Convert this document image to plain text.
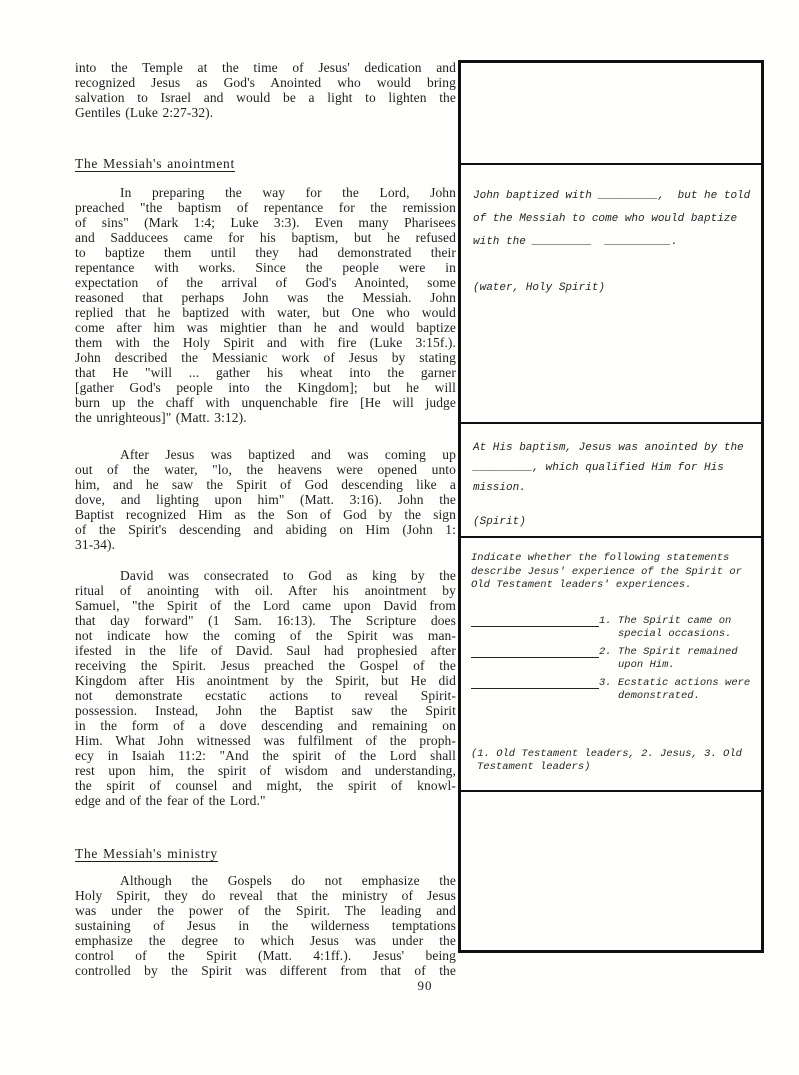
into the Temple at the time of Jesus' dedication and
recognized Jesus as God's Anointed who would bring
salvation to Israel and would be a light to lighten the
Gentiles (Luke 2:27-32).
The Messiah's anointment
In preparing the way for the Lord, John
preached "the baptism of repentance for the remission
of sins" (Mark 1:4; Luke 3:3). Even many Pharisees
and Sadducees came for his baptism, but he refused
to baptize them until they had demonstrated their
repentance with works. Since the people were in
expectation of the arrival of God's Anointed, some
reasoned that perhaps John was the Messiah. John
replied that he baptized with water, but One who would
come after him was mightier than he and would baptize
them with the Holy Spirit and with fire (Luke 3:15f.).
John described the Messianic work of Jesus by stating
that He "will ... gather his wheat into the garner
[gather God's people into the Kingdom]; but he will
burn up the chaff with unquenchable fire [He will judge
the unrighteous]" (Matt. 3:12).
After Jesus was baptized and was coming up
out of the water, "lo, the heavens were opened unto
him, and he saw the Spirit of God descending like a
dove, and lighting upon him" (Matt. 3:16). John the
Baptist recognized Him as the Son of God by the sign
of the Spirit's descending and abiding on Him (John 1:
31-34).
David was consecrated to God as king by the
ritual of anointing with oil. After his anointment by
Samuel, "the Spirit of the Lord came upon David from
that day forward" (1 Sam. 16:13). The Scripture does
not indicate how the coming of the Spirit was man-
ifested in the life of David. Saul had prophesied after
receiving the Spirit. Jesus preached the Gospel of the
Kingdom after His anointment by the Spirit, but He did
not demonstrate ecstatic actions to reveal Spirit-
possession. Instead, John the Baptist saw the Spirit
in the form of a dove descending and remaining on
Him. What John witnessed was fulfilment of the proph-
ecy in Isaiah 11:2: "And the spirit of the Lord shall
rest upon him, the spirit of wisdom and understanding,
the spirit of counsel and might, the spirit of knowl-
edge and of the fear of the Lord."
The Messiah's ministry
Although the Gospels do not emphasize the
Holy Spirit, they do reveal that the ministry of Jesus
was under the power of the Spirit. The leading and
sustaining of Jesus in the wilderness temptations
emphasize the degree to which Jesus was under the
control of the Spirit (Matt. 4:1ff.). Jesus' being
controlled by the Spirit was different from that of the
John baptized with _________,  but he told
of the Messiah to come who would baptize
with the _________  __________.
(water, Holy Spirit)
At His baptism, Jesus was anointed by the
_________, which qualified Him for His
mission.
(Spirit)
Indicate whether the following statements
describe Jesus' experience of the Spirit or
Old Testament leaders' experiences.
1. The Spirit came on
special occasions.
2. The Spirit remained
upon Him.
3. Ecstatic actions were
demonstrated.
(1. Old Testament leaders, 2. Jesus, 3. Old
Testament leaders)
90
